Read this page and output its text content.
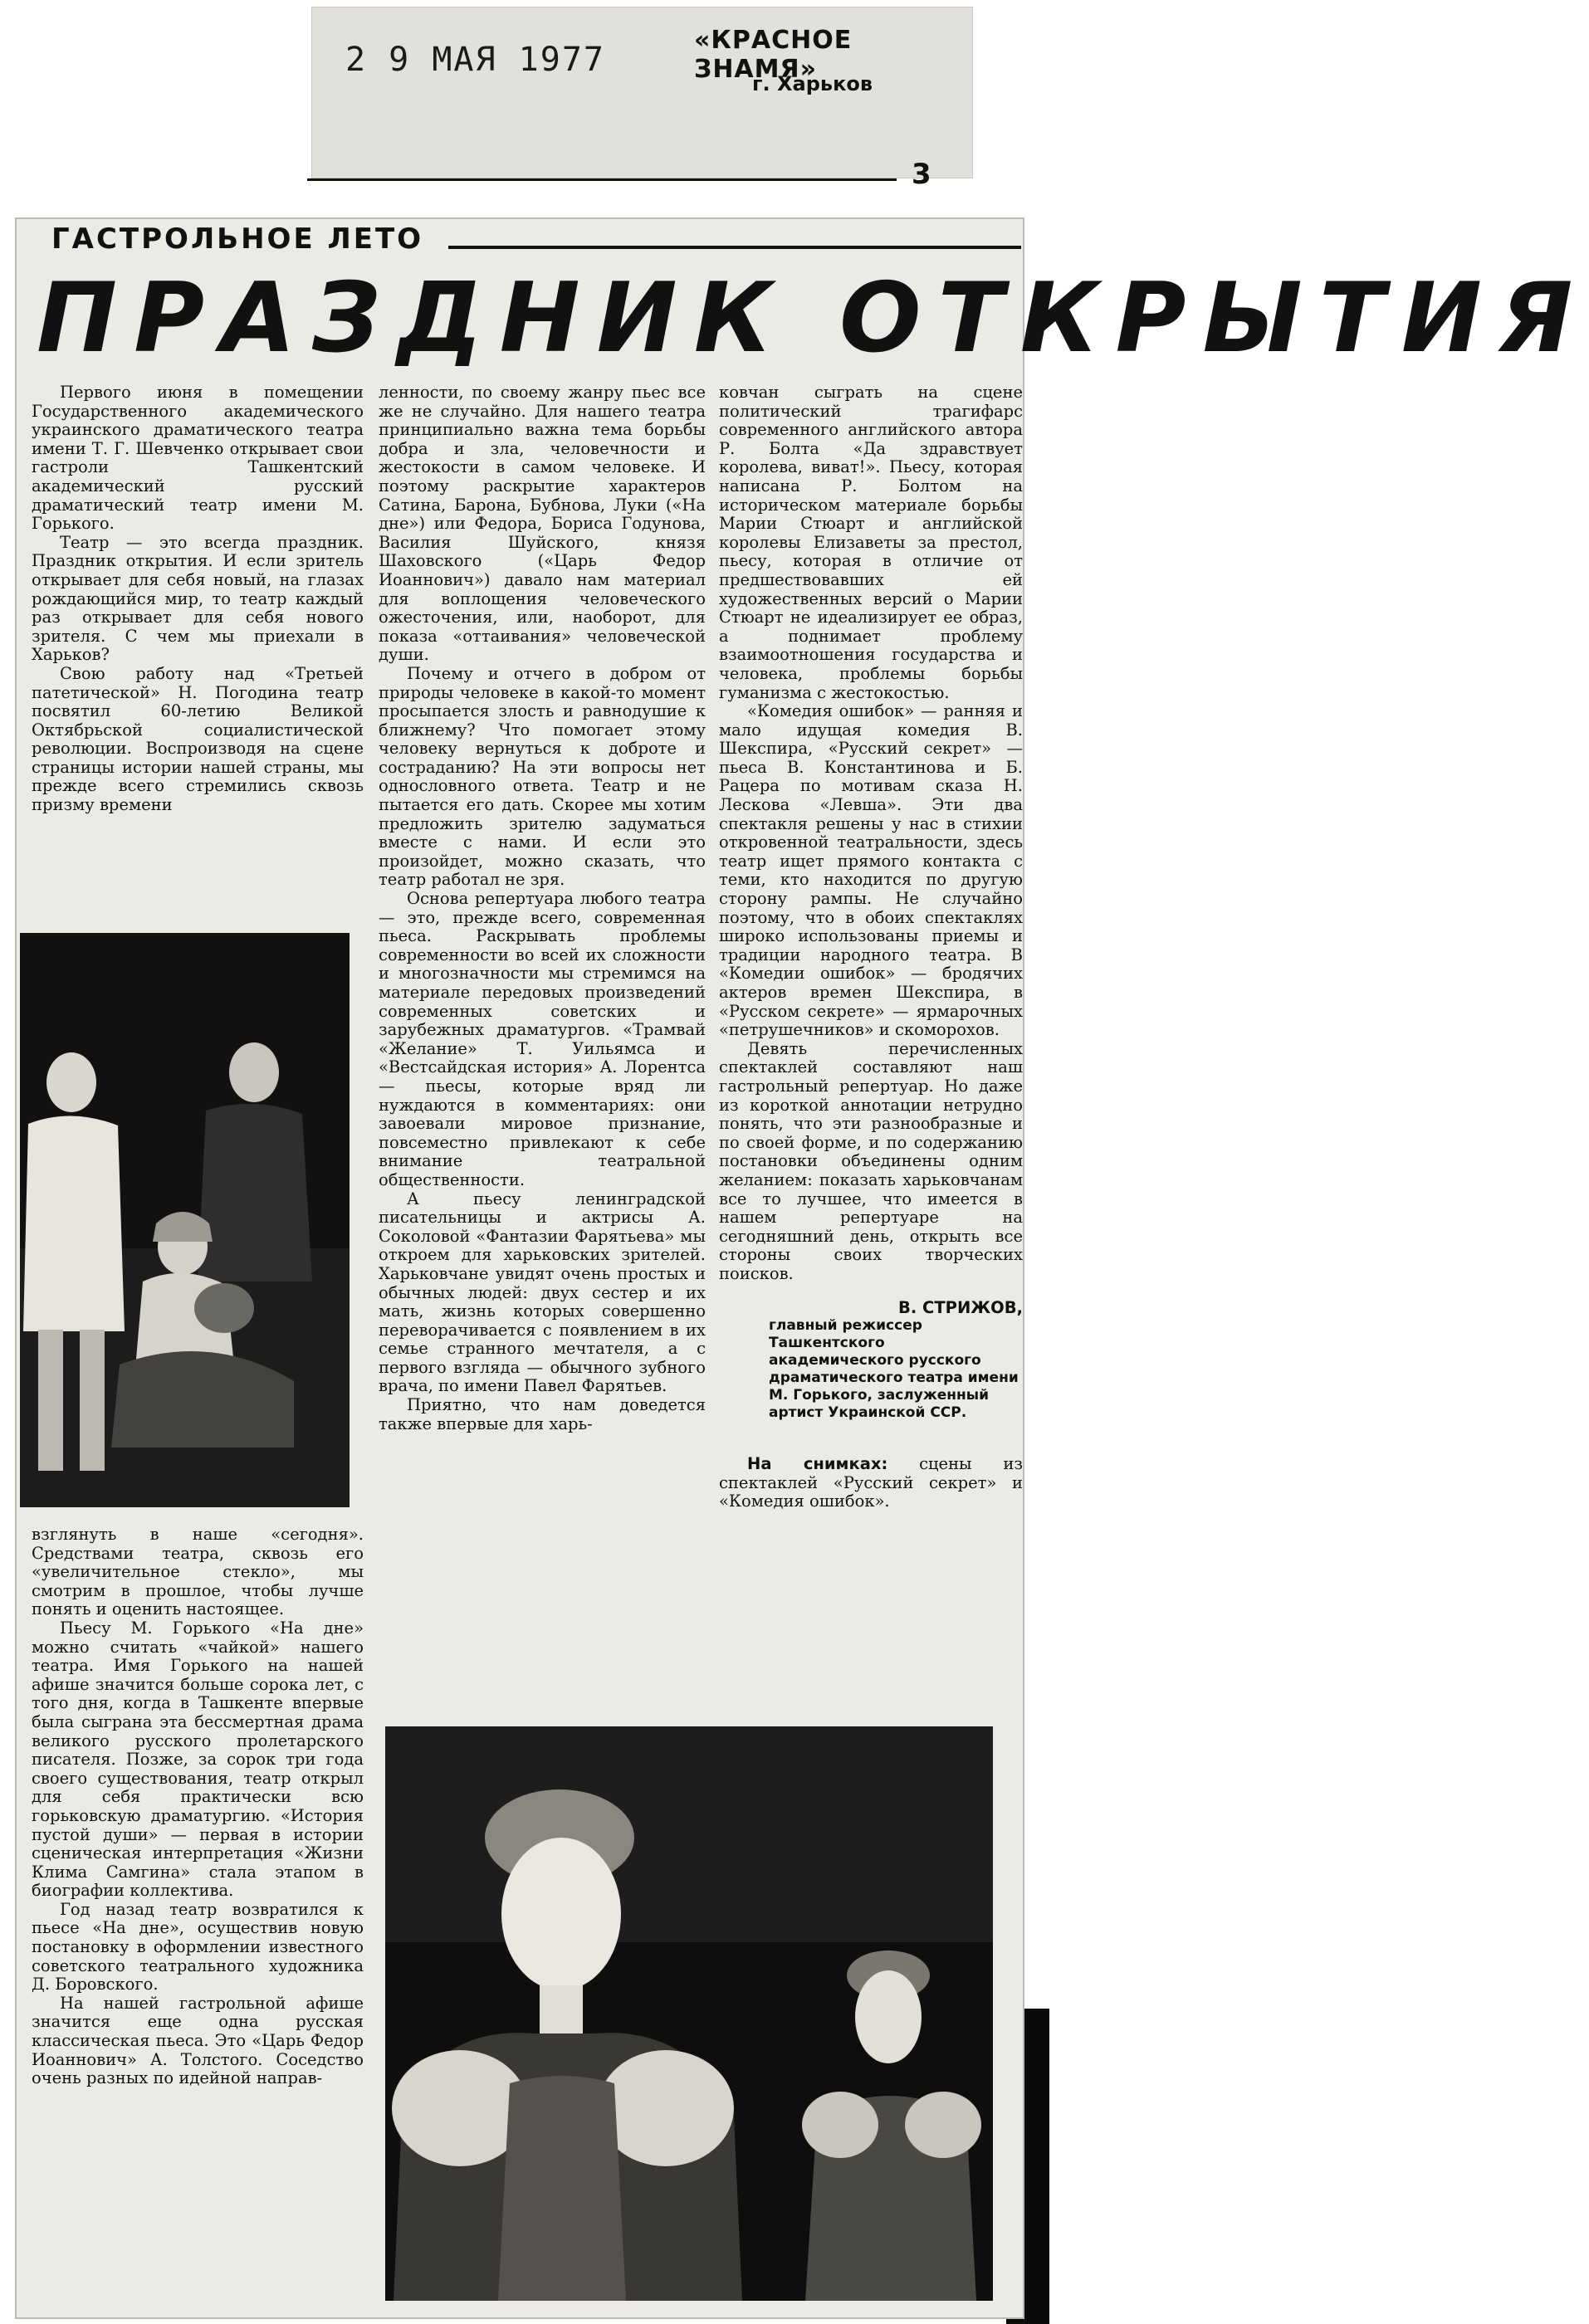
2 9 МАЯ 1977
«КРАСНОЕ ЗНАМЯ»
г. Харьков
3
ГАСТРОЛЬНОЕ ЛЕТО
ПРАЗДНИК ОТКРЫТИЯ

Первого июня в помещении Государственного академического украинского драматического театра имени Т. Г. Шевченко открывает свои гастроли Ташкентский академический русский драматический театр имени М. Горького.

Театр — это всегда праздник. Праздник открытия. И если зритель открывает для себя новый, на глазах рождающийся мир, то театр каждый раз открывает для себя нового зрителя. С чем мы приехали в Харьков?

Свою работу над «Третьей патетической» Н. Погодина театр посвятил 60-летию Великой Октябрьской социалистической революции. Воспроизводя на сцене страницы истории нашей страны, мы прежде всего стремились сквозь призму времени

взглянуть в наше «сегодня». Средствами театра, сквозь его «увеличительное стекло», мы смотрим в прошлое, чтобы лучше понять и оценить настоящее.

Пьесу М. Горького «На дне» можно считать «чайкой» нашего театра. Имя Горького на нашей афише значится больше сорока лет, с того дня, когда в Ташкенте впервые была сыграна эта бессмертная драма великого русского пролетарского писателя. Позже, за сорок три года своего существования, театр открыл для себя практически всю горьковскую драматургию. «История пустой души» — первая в истории сценическая интерпретация «Жизни Клима Самгина» стала этапом в биографии коллектива.

Год назад театр возвратился к пьесе «На дне», осуществив новую постановку в оформлении известного советского театрального художника Д. Боровского.

На нашей гастрольной афише значится еще одна русская классическая пьеса. Это «Царь Федор Иоаннович» А. Толстого. Соседство очень разных по идейной направ-

ленности, по своему жанру пьес все же не случайно. Для нашего театра принципиально важна тема борьбы добра и зла, человечности и жестокости в самом человеке. И поэтому раскрытие характеров Сатина, Барона, Бубнова, Луки («На дне») или Федора, Бориса Годунова, Василия Шуйского, князя Шаховского («Царь Федор Иоаннович») давало нам материал для воплощения человеческого ожесточения, или, наоборот, для показа «оттаивания» человеческой души.

Почему и отчего в добром от природы человеке в какой-то момент просыпается злость и равнодушие к ближнему? Что помогает этому человеку вернуться к доброте и состраданию? На эти вопросы нет однословного ответа. Театр и не пытается его дать. Скорее мы хотим предложить зрителю задуматься вместе с нами. И если это произойдет, можно сказать, что театр работал не зря.

Основа репертуара любого театра — это, прежде всего, современная пьеса. Раскрывать проблемы современности во всей их сложности и многозначности мы стремимся на материале передовых произведений современных советских и зарубежных драматургов. «Трамвай «Желание» Т. Уильямса и «Вестсайдская история» А. Лорентса — пьесы, которые вряд ли нуждаются в комментариях: они завоевали мировое признание, повсеместно привлекают к себе внимание театральной общественности.

А пьесу ленинградской писательницы и актрисы А. Соколовой «Фантазии Фарятьева» мы откроем для харьковских зрителей. Харьковчане увидят очень простых и обычных людей: двух сестер и их мать, жизнь которых совершенно переворачивается с появлением в их семье странного мечтателя, а с первого взгляда — обычного зубного врача, по имени Павел Фарятьев.

Приятно, что нам доведется также впервые для харь-

ковчан сыграть на сцене политический трагифарс современного английского автора Р. Болта «Да здравствует королева, виват!». Пьесу, которая написана Р. Болтом на историческом материале борьбы Марии Стюарт и английской королевы Елизаветы за престол, пьесу, которая в отличие от предшествовавших ей художественных версий о Марии Стюарт не идеализирует ее образ, а поднимает проблему взаимоотношения государства и человека, проблемы борьбы гуманизма с жестокостью.

«Комедия ошибок» — ранняя и мало идущая комедия В. Шекспира, «Русский секрет» — пьеса В. Константинова и Б. Рацера по мотивам сказа Н. Лескова «Левша». Эти два спектакля решены у нас в стихии откровенной театральности, здесь театр ищет прямого контакта с теми, кто находится по другую сторону рампы. Не случайно поэтому, что в обоих спектаклях широко использованы приемы и традиции народного театра. В «Комедии ошибок» — бродячих актеров времен Шекспира, в «Русском секрете» — ярмарочных «петрушечников» и скоморохов.

Девять перечисленных спектаклей составляют наш гастрольный репертуар. Но даже из короткой аннотации нетрудно понять, что эти разнообразные и по своей форме, и по содержанию постановки объединены одним желанием: показать харьковчанам все то лучшее, что имеется в нашем репертуаре на сегодняшний день, открыть все стороны своих творческих поисков.

В. СТРИЖОВ,

главный режиссер Ташкентского академического русского драматического театра имени М. Горького, заслуженный артист Украинской ССР.

На снимках: сцены из спектаклей «Русский секрет» и «Комедия ошибок».
